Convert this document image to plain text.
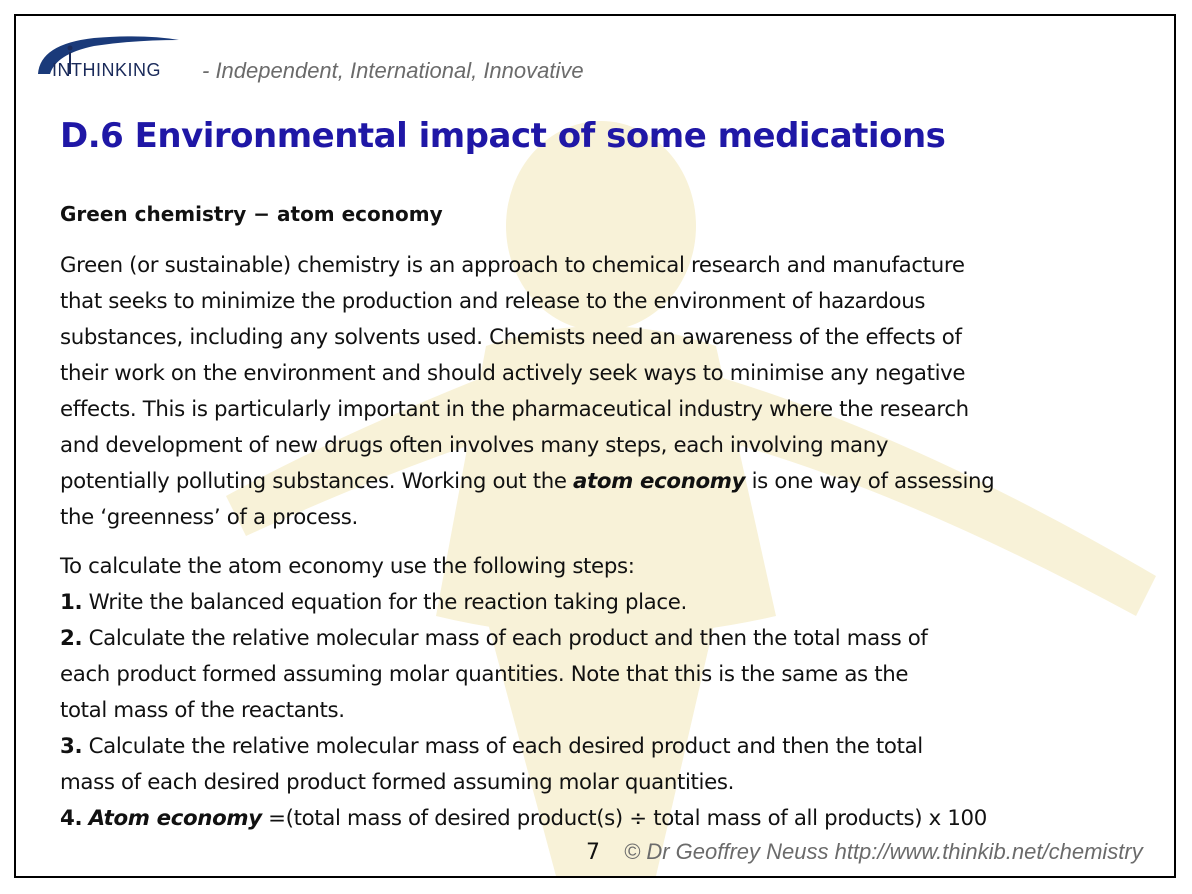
INTHINKING - Independent, International, Innovative
D.6 Environmental impact of some medications
Green chemistry − atom economy
Green (or sustainable) chemistry is an approach to chemical research and manufacture
that seeks to minimize the production and release to the environment of hazardous
substances, including any solvents used. Chemists need an awareness of the effects of
their work on the environment and should actively seek ways to minimise any negative
effects. This is particularly important in the pharmaceutical industry where the research
and development of new drugs often involves many steps, each involving many
potentially polluting substances. Working out the atom economy is one way of assessing
the ‘greenness’ of a process.
To calculate the atom economy use the following steps:
1. Write the balanced equation for the reaction taking place.
2. Calculate the relative molecular mass of each product and then the total mass of
each product formed assuming molar quantities. Note that this is the same as the
total mass of the reactants.
3. Calculate the relative molecular mass of each desired product and then the total
mass of each desired product formed assuming molar quantities.
4. Atom economy =(total mass of desired product(s) ÷ total mass of all products) x 100
7 © Dr Geoffrey Neuss http://www.thinkib.net/chemistry
